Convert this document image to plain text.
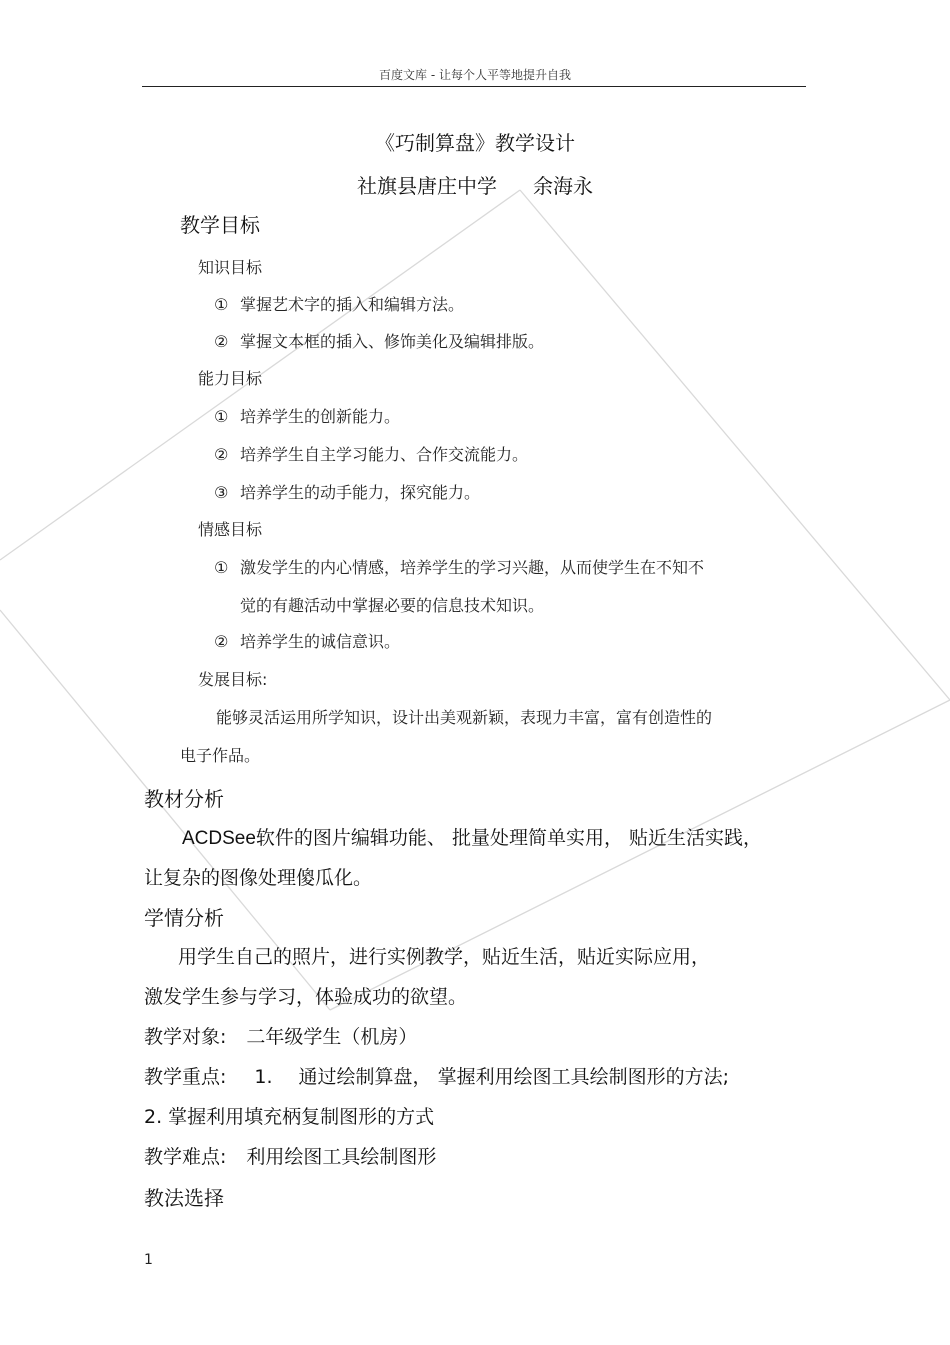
百度文库 - 让每个人平等地提升自我
《巧制算盘》教学设计
社旗县唐庄中学 余海永
教学目标
知识目标
① 掌握艺术字的插入和编辑方法。
② 掌握文本框的插入、修饰美化及编辑排版。
能力目标
① 培养学生的创新能力。
② 培养学生自主学习能力、合作交流能力。
③ 培养学生的动手能力，探究能力。
情感目标
① 激发学生的内心情感，培养学生的学习兴趣，从而使学生在不知不
觉的有趣活动中掌握必要的信息技术知识。
② 培养学生的诚信意识。
发展目标:
能够灵活运用所学知识，设计出美观新颖，表现力丰富，富有创造性的
电子作品。
教材分析
ACDSee软件的图片编辑功能、 批量处理简单实用， 贴近生活实践，
让复杂的图像处理傻瓜化。
学情分析
用学生自己的照片，进行实例教学，贴近生活，贴近实际应用，
激发学生参与学习，体验成功的欲望。
教学对象: 二年级学生（机房）
教学重点: 1. 通过绘制算盘， 掌握利用绘图工具绘制图形的方法;
2. 掌握利用填充柄复制图形的方式
教学难点: 利用绘图工具绘制图形
教法选择
1
